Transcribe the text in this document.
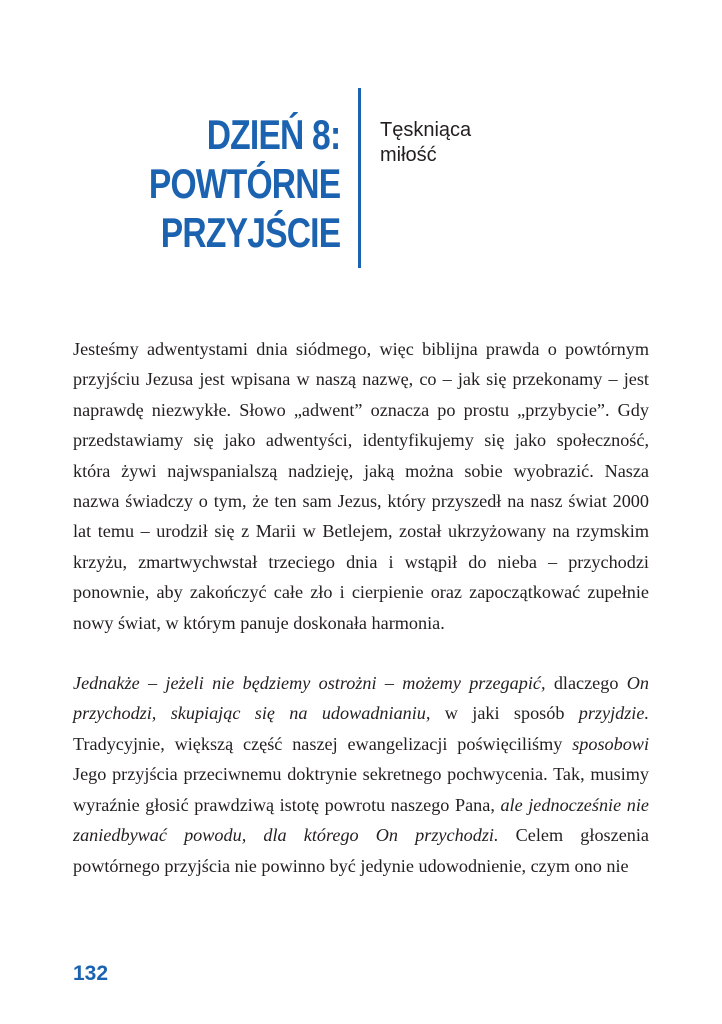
DZIEŃ 8:
POWTÓRNE
PRZYJŚCIE
Tęskniąca
miłość

Jesteśmy adwentystami dnia siódmego, więc biblijna prawda o powtórnym przyjściu Jezusa jest wpisana w naszą nazwę, co – jak się przekonamy – jest naprawdę niezwykłe. Słowo „adwent” oznacza po prostu „przybycie”. Gdy przedstawiamy się jako adwentyści, identyfikujemy się jako społeczność, która żywi najwspanialszą nadzieję, jaką można sobie wyobrazić. Nasza nazwa świadczy o tym, że ten sam Jezus, który przyszedł na nasz świat 2000 lat temu – urodził się z Marii w Betlejem, został ukrzyżowany na rzymskim krzyżu, zmartwychwstał trzeciego dnia i wstąpił do nieba – przychodzi ponownie, aby zakończyć całe zło i cierpienie oraz zapoczątkować zupełnie nowy świat, w którym panuje doskonała harmonia.

Jednakże – jeżeli nie będziemy ostrożni – możemy przegapić, dlaczego On przychodzi, skupiając się na udowadnianiu, w jaki sposób przyjdzie. Tradycyjnie, większą część naszej ewangelizacji poświęciliśmy sposobowi Jego przyjścia przeciwnemu doktrynie sekretnego pochwycenia. Tak, musimy wyraźnie głosić prawdziwą istotę powrotu naszego Pana, ale jednocześnie nie zaniedbywać powodu, dla którego On przychodzi. Celem głoszenia powtórnego przyjścia nie powinno być jedynie udowodnienie, czym ono nie

132
